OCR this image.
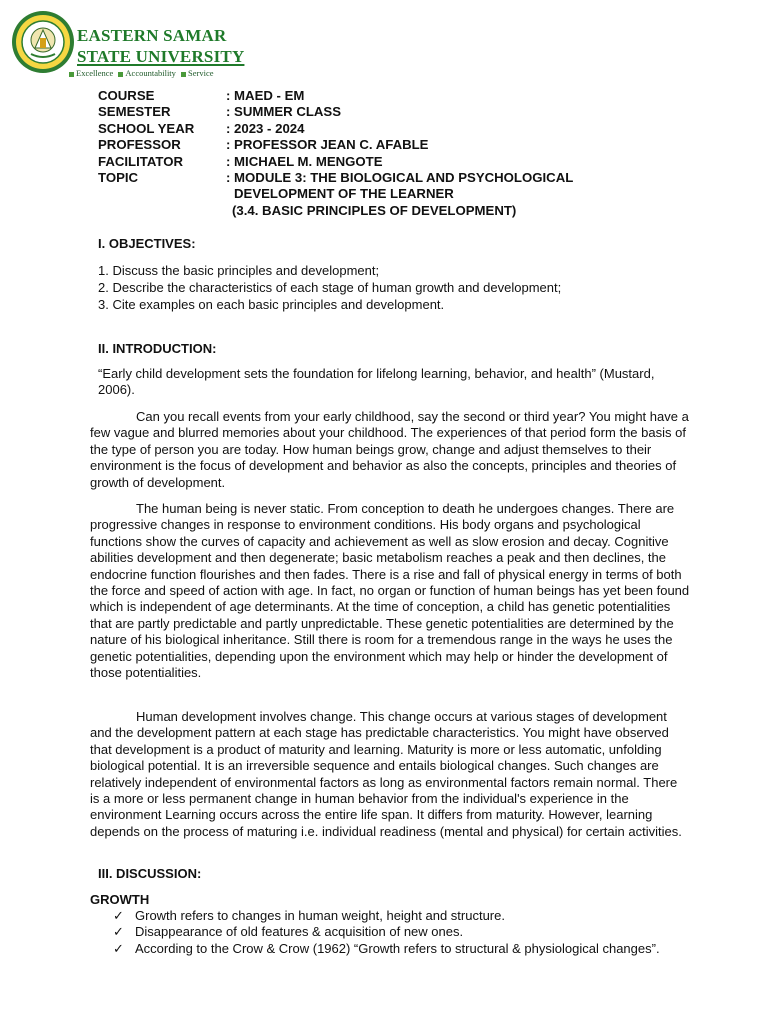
EASTERN SAMAR
STATE UNIVERSITY
Excellence Accountability Service
COURSE	: MAED - EM
SEMESTER	: SUMMER CLASS
SCHOOL YEAR	: 2023 - 2024
PROFESSOR	: PROFESSOR JEAN C. AFABLE
FACILITATOR	: MICHAEL M. MENGOTE
TOPIC	: MODULE 3: THE BIOLOGICAL AND PSYCHOLOGICAL
DEVELOPMENT OF THE LEARNER
(3.4. BASIC PRINCIPLES OF DEVELOPMENT)
I. OBJECTIVES:
1. Discuss the basic principles and development;
2. Describe the characteristics of each stage of human growth and development;
3. Cite examples on each basic principles and development.
II. INTRODUCTION:
“Early child development sets the foundation for lifelong learning, behavior, and health” (Mustard, 2006).
Can you recall events from your early childhood, say the second or third year? You might have a few vague and blurred memories about your childhood. The experiences of that period form the basis of the type of person you are today. How human beings grow, change and adjust themselves to their environment is the focus of development and behavior as also the concepts, principles and theories of growth of development.
The human being is never static. From conception to death he undergoes changes. There are progressive changes in response to environment conditions. His body organs and psychological functions show the curves of capacity and achievement as well as slow erosion and decay. Cognitive abilities development and then degenerate; basic metabolism reaches a peak and then declines, the endocrine function flourishes and then fades. There is a rise and fall of physical energy in terms of both the force and speed of action with age. In fact, no organ or function of human beings has yet been found which is independent of age determinants. At the time of conception, a child has genetic potentialities that are partly predictable and partly unpredictable. These genetic potentialities are determined by the nature of his biological inheritance. Still there is room for a tremendous range in the ways he uses the genetic potentialities, depending upon the environment which may help or hinder the development of those potentialities.
Human development involves change. This change occurs at various stages of development and the development pattern at each stage has predictable characteristics. You might have observed that development is a product of maturity and learning. Maturity is more or less automatic, unfolding biological potential. It is an irreversible sequence and entails biological changes. Such changes are relatively independent of environmental factors as long as environmental factors remain normal. There is a more or less permanent change in human behavior from the individual's experience in the environment Learning occurs across the entire life span. It differs from maturity. However, learning depends on the process of maturing i.e. individual readiness (mental and physical) for certain activities.
III. DISCUSSION:
GROWTH
✓ Growth refers to changes in human weight, height and structure.
✓ Disappearance of old features & acquisition of new ones.
✓ According to the Crow & Crow (1962) “Growth refers to structural & physiological changes”.
